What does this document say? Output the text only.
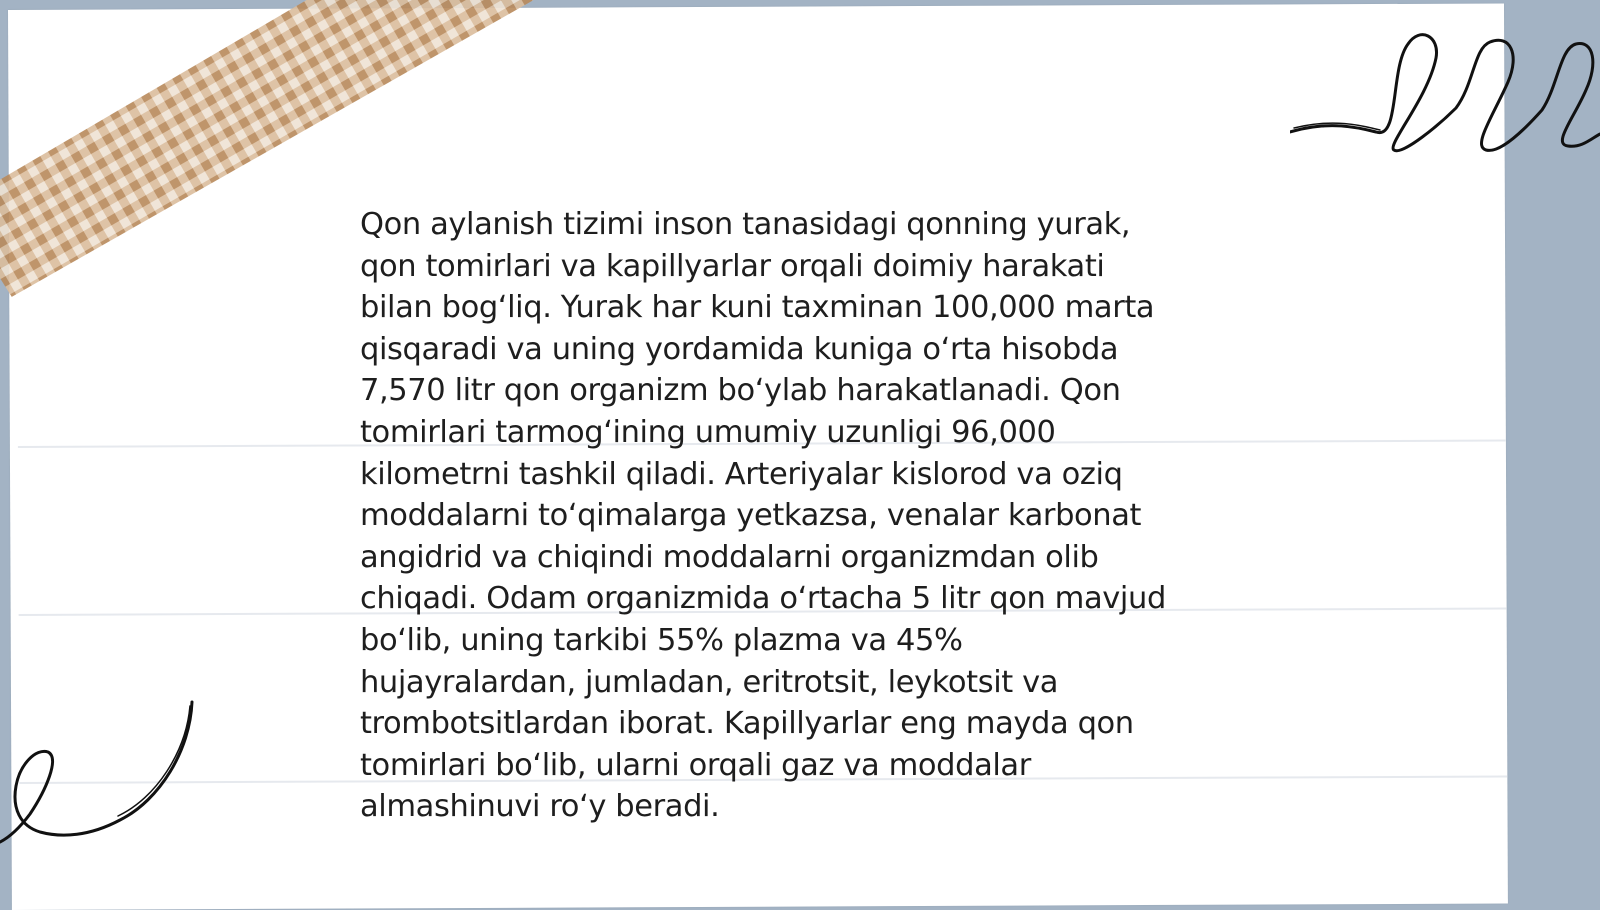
Qon aylanish tizimi inson tanasidagi qonning yurak,
qon tomirlari va kapillyarlar orqali doimiy harakati
bilan bog‘liq. Yurak har kuni taxminan 100,000 marta
qisqaradi va uning yordamida kuniga o‘rta hisobda
7,570 litr qon organizm bo‘ylab harakatlanadi. Qon
tomirlari tarmog‘ining umumiy uzunligi 96,000
kilometrni tashkil qiladi. Arteriyalar kislorod va oziq
moddalarni to‘qimalarga yetkazsa, venalar karbonat
angidrid va chiqindi moddalarni organizmdan olib
chiqadi. Odam organizmida o‘rtacha 5 litr qon mavjud
bo‘lib, uning tarkibi 55% plazma va 45%
hujayralardan, jumladan, eritrotsit, leykotsit va
trombotsitlardan iborat. Kapillyarlar eng mayda qon
tomirlari bo‘lib, ularni orqali gaz va moddalar
almashinuvi ro‘y beradi.
